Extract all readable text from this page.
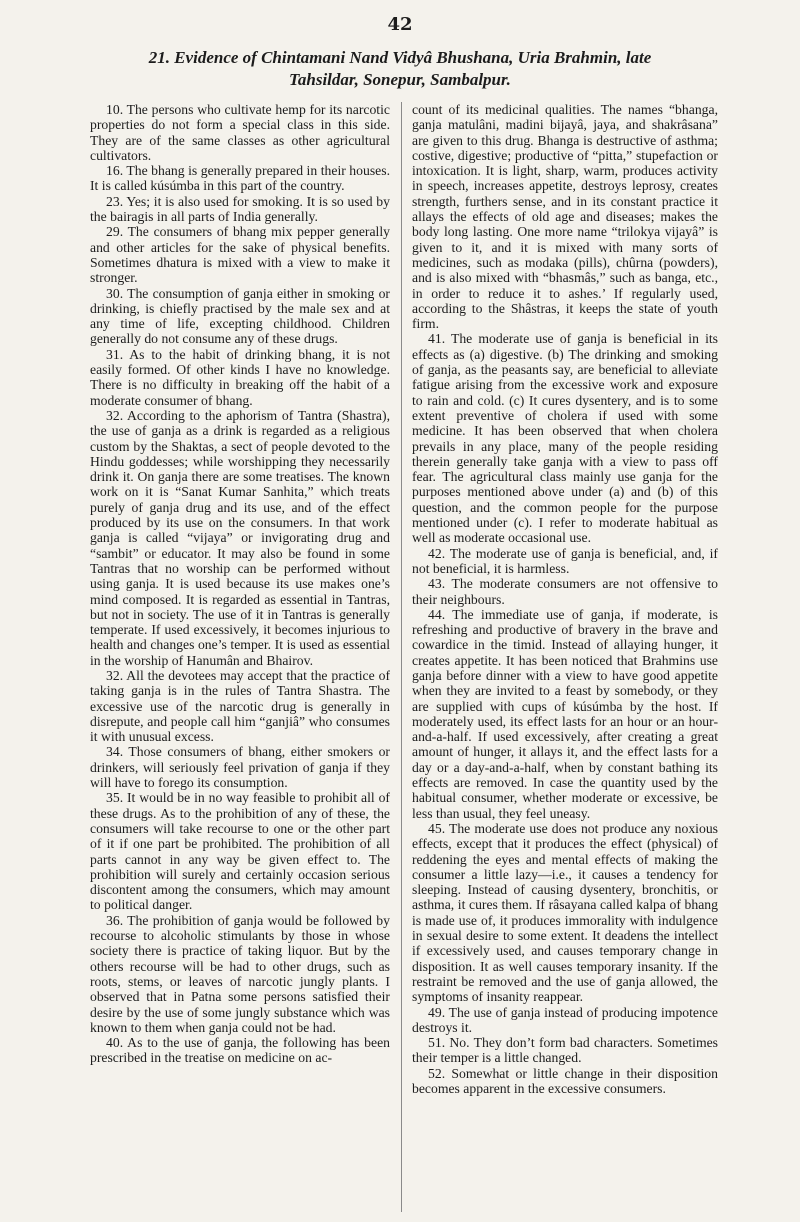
42
21. Evidence of Chintamani Nand Vidyâ Bhushana, Uria Brahmin, late
Tahsildar, Sonepur, Sambalpur.

10. The persons who cultivate hemp for its narcotic properties do not form a special class in this side. They are of the same classes as other agricultural cultivators.

16. The bhang is generally prepared in their houses. It is called kúsúmba in this part of the country.

23. Yes; it is also used for smoking. It is so used by the bairagis in all parts of India generally.

29. The consumers of bhang mix pepper generally and other articles for the sake of physical benefits. Sometimes dhatura is mixed with a view to make it stronger.

30. The consumption of ganja either in smoking or drinking, is chiefly practised by the male sex and at any time of life, excepting childhood. Children generally do not consume any of these drugs.

31. As to the habit of drinking bhang, it is not easily formed. Of other kinds I have no knowledge. There is no difficulty in breaking off the habit of a moderate consumer of bhang.

32. According to the aphorism of Tantra (Shastra), the use of ganja as a drink is regarded as a religious custom by the Shaktas, a sect of people devoted to the Hindu goddesses; while worshipping they necessarily drink it. On ganja there are some treatises. The known work on it is “Sanat Kumar Sanhita,” which treats purely of ganja drug and its use, and of the effect produced by its use on the consumers. In that work ganja is called “vijaya” or invigorating drug and “sambit” or educator. It may also be found in some Tantras that no worship can be performed without using ganja. It is used because its use makes one’s mind composed. It is regarded as essential in Tantras, but not in society. The use of it in Tantras is generally temperate. If used excessively, it becomes injurious to health and changes one’s temper. It is used as essential in the worship of Hanumân and Bhairov.

32. All the devotees may accept that the practice of taking ganja is in the rules of Tantra Shastra. The excessive use of the narcotic drug is generally in disrepute, and people call him “ganjiâ” who consumes it with unusual excess.

34. Those consumers of bhang, either smokers or drinkers, will seriously feel privation of ganja if they will have to forego its consumption.

35. It would be in no way feasible to prohibit all of these drugs. As to the prohibition of any of these, the consumers will take recourse to one or the other part of it if one part be prohibited. The prohibition of all parts cannot in any way be given effect to. The prohibition will surely and certainly occasion serious discontent among the consumers, which may amount to political danger.

36. The prohibition of ganja would be followed by recourse to alcoholic stimulants by those in whose society there is practice of taking liquor. But by the others recourse will be had to other drugs, such as roots, stems, or leaves of narcotic jungly plants. I observed that in Patna some persons satisfied their desire by the use of some jungly substance which was known to them when ganja could not be had.

40. As to the use of ganja, the following has been prescribed in the treatise on medicine on ac-

count of its medicinal qualities. The names “bhanga, ganja matulâni, madini bijayâ, jaya, and shakrâsana” are given to this drug. Bhanga is destructive of asthma; costive, digestive; productive of “pitta,” stupefaction or intoxication. It is light, sharp, warm, produces activity in speech, increases appetite, destroys leprosy, creates strength, furthers sense, and in its constant practice it allays the effects of old age and diseases; makes the body long lasting. One more name “trilokya vijayâ” is given to it, and it is mixed with many sorts of medicines, such as modaka (pills), chûrna (powders), and is also mixed with “bhasmâs,” such as banga, etc., in order to reduce it to ashes.’ If regularly used, according to the Shâstras, it keeps the state of youth firm.

41. The moderate use of ganja is beneficial in its effects as (a) digestive. (b) The drinking and smoking of ganja, as the peasants say, are beneficial to alleviate fatigue arising from the excessive work and exposure to rain and cold. (c) It cures dysentery, and is to some extent preventive of cholera if used with some medicine. It has been observed that when cholera prevails in any place, many of the people residing therein generally take ganja with a view to pass off fear. The agricultural class mainly use ganja for the purposes mentioned above under (a) and (b) of this question, and the common people for the purpose mentioned under (c). I refer to moderate habitual as well as moderate occasional use.

42. The moderate use of ganja is beneficial, and, if not beneficial, it is harmless.

43. The moderate consumers are not offensive to their neighbours.

44. The immediate use of ganja, if moderate, is refreshing and productive of bravery in the brave and cowardice in the timid. Instead of allaying hunger, it creates appetite. It has been noticed that Brahmins use ganja before dinner with a view to have good appetite when they are invited to a feast by somebody, or they are supplied with cups of kúsúmba by the host. If moderately used, its effect lasts for an hour or an hour-and-a-half. If used excessively, after creating a great amount of hunger, it allays it, and the effect lasts for a day or a day-and-a-half, when by constant bathing its effects are removed. In case the quantity used by the habitual consumer, whether moderate or excessive, be less than usual, they feel uneasy.

45. The moderate use does not produce any noxious effects, except that it produces the effect (physical) of reddening the eyes and mental effects of making the consumer a little lazy—i.e., it causes a tendency for sleeping. Instead of causing dysentery, bronchitis, or asthma, it cures them. If râsayana called kalpa of bhang is made use of, it produces immorality with indulgence in sexual desire to some extent. It deadens the intellect if excessively used, and causes temporary change in disposition. It as well causes temporary insanity. If the restraint be removed and the use of ganja allowed, the symptoms of insanity reappear.

49. The use of ganja instead of producing impotence destroys it.

51. No. They don’t form bad characters. Sometimes their temper is a little changed.

52. Somewhat or little change in their disposition becomes apparent in the excessive consumers.
